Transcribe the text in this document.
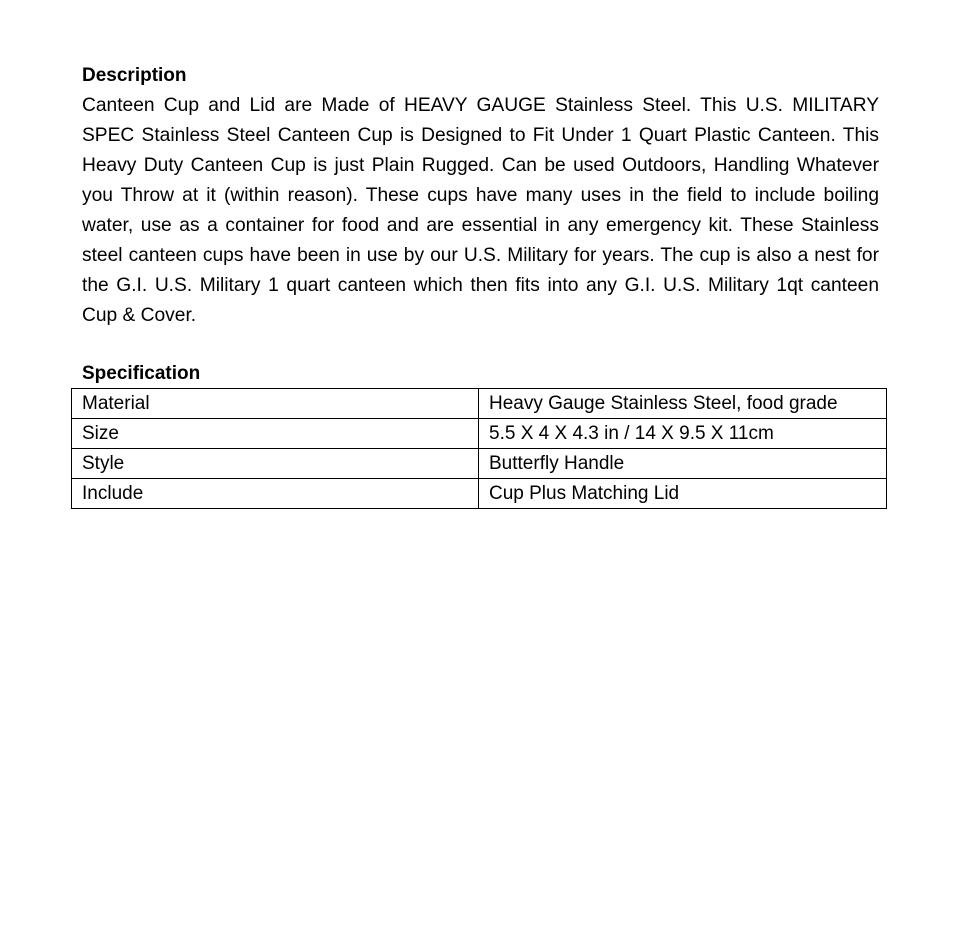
Description

Canteen Cup and Lid are Made of HEAVY GAUGE Stainless Steel. This U.S. MILITARY SPEC Stainless Steel Canteen Cup is Designed to Fit Under 1 Quart Plastic Canteen. This Heavy Duty Canteen Cup is just Plain Rugged. Can be used Outdoors, Handling Whatever you Throw at it (within reason). These cups have many uses in the field to include boiling water, use as a container for food and are essential in any emergency kit. These Stainless steel canteen cups have been in use by our U.S. Military for years. The cup is also a nest for the G.I. U.S. Military 1 quart canteen which then fits into any G.I. U.S. Military 1qt canteen Cup & Cover.

Specification
Material	Heavy Gauge Stainless Steel, food grade
Size	5.5 X 4 X 4.3 in / 14 X 9.5 X 11cm
Style	Butterfly Handle
Include	Cup Plus Matching Lid
